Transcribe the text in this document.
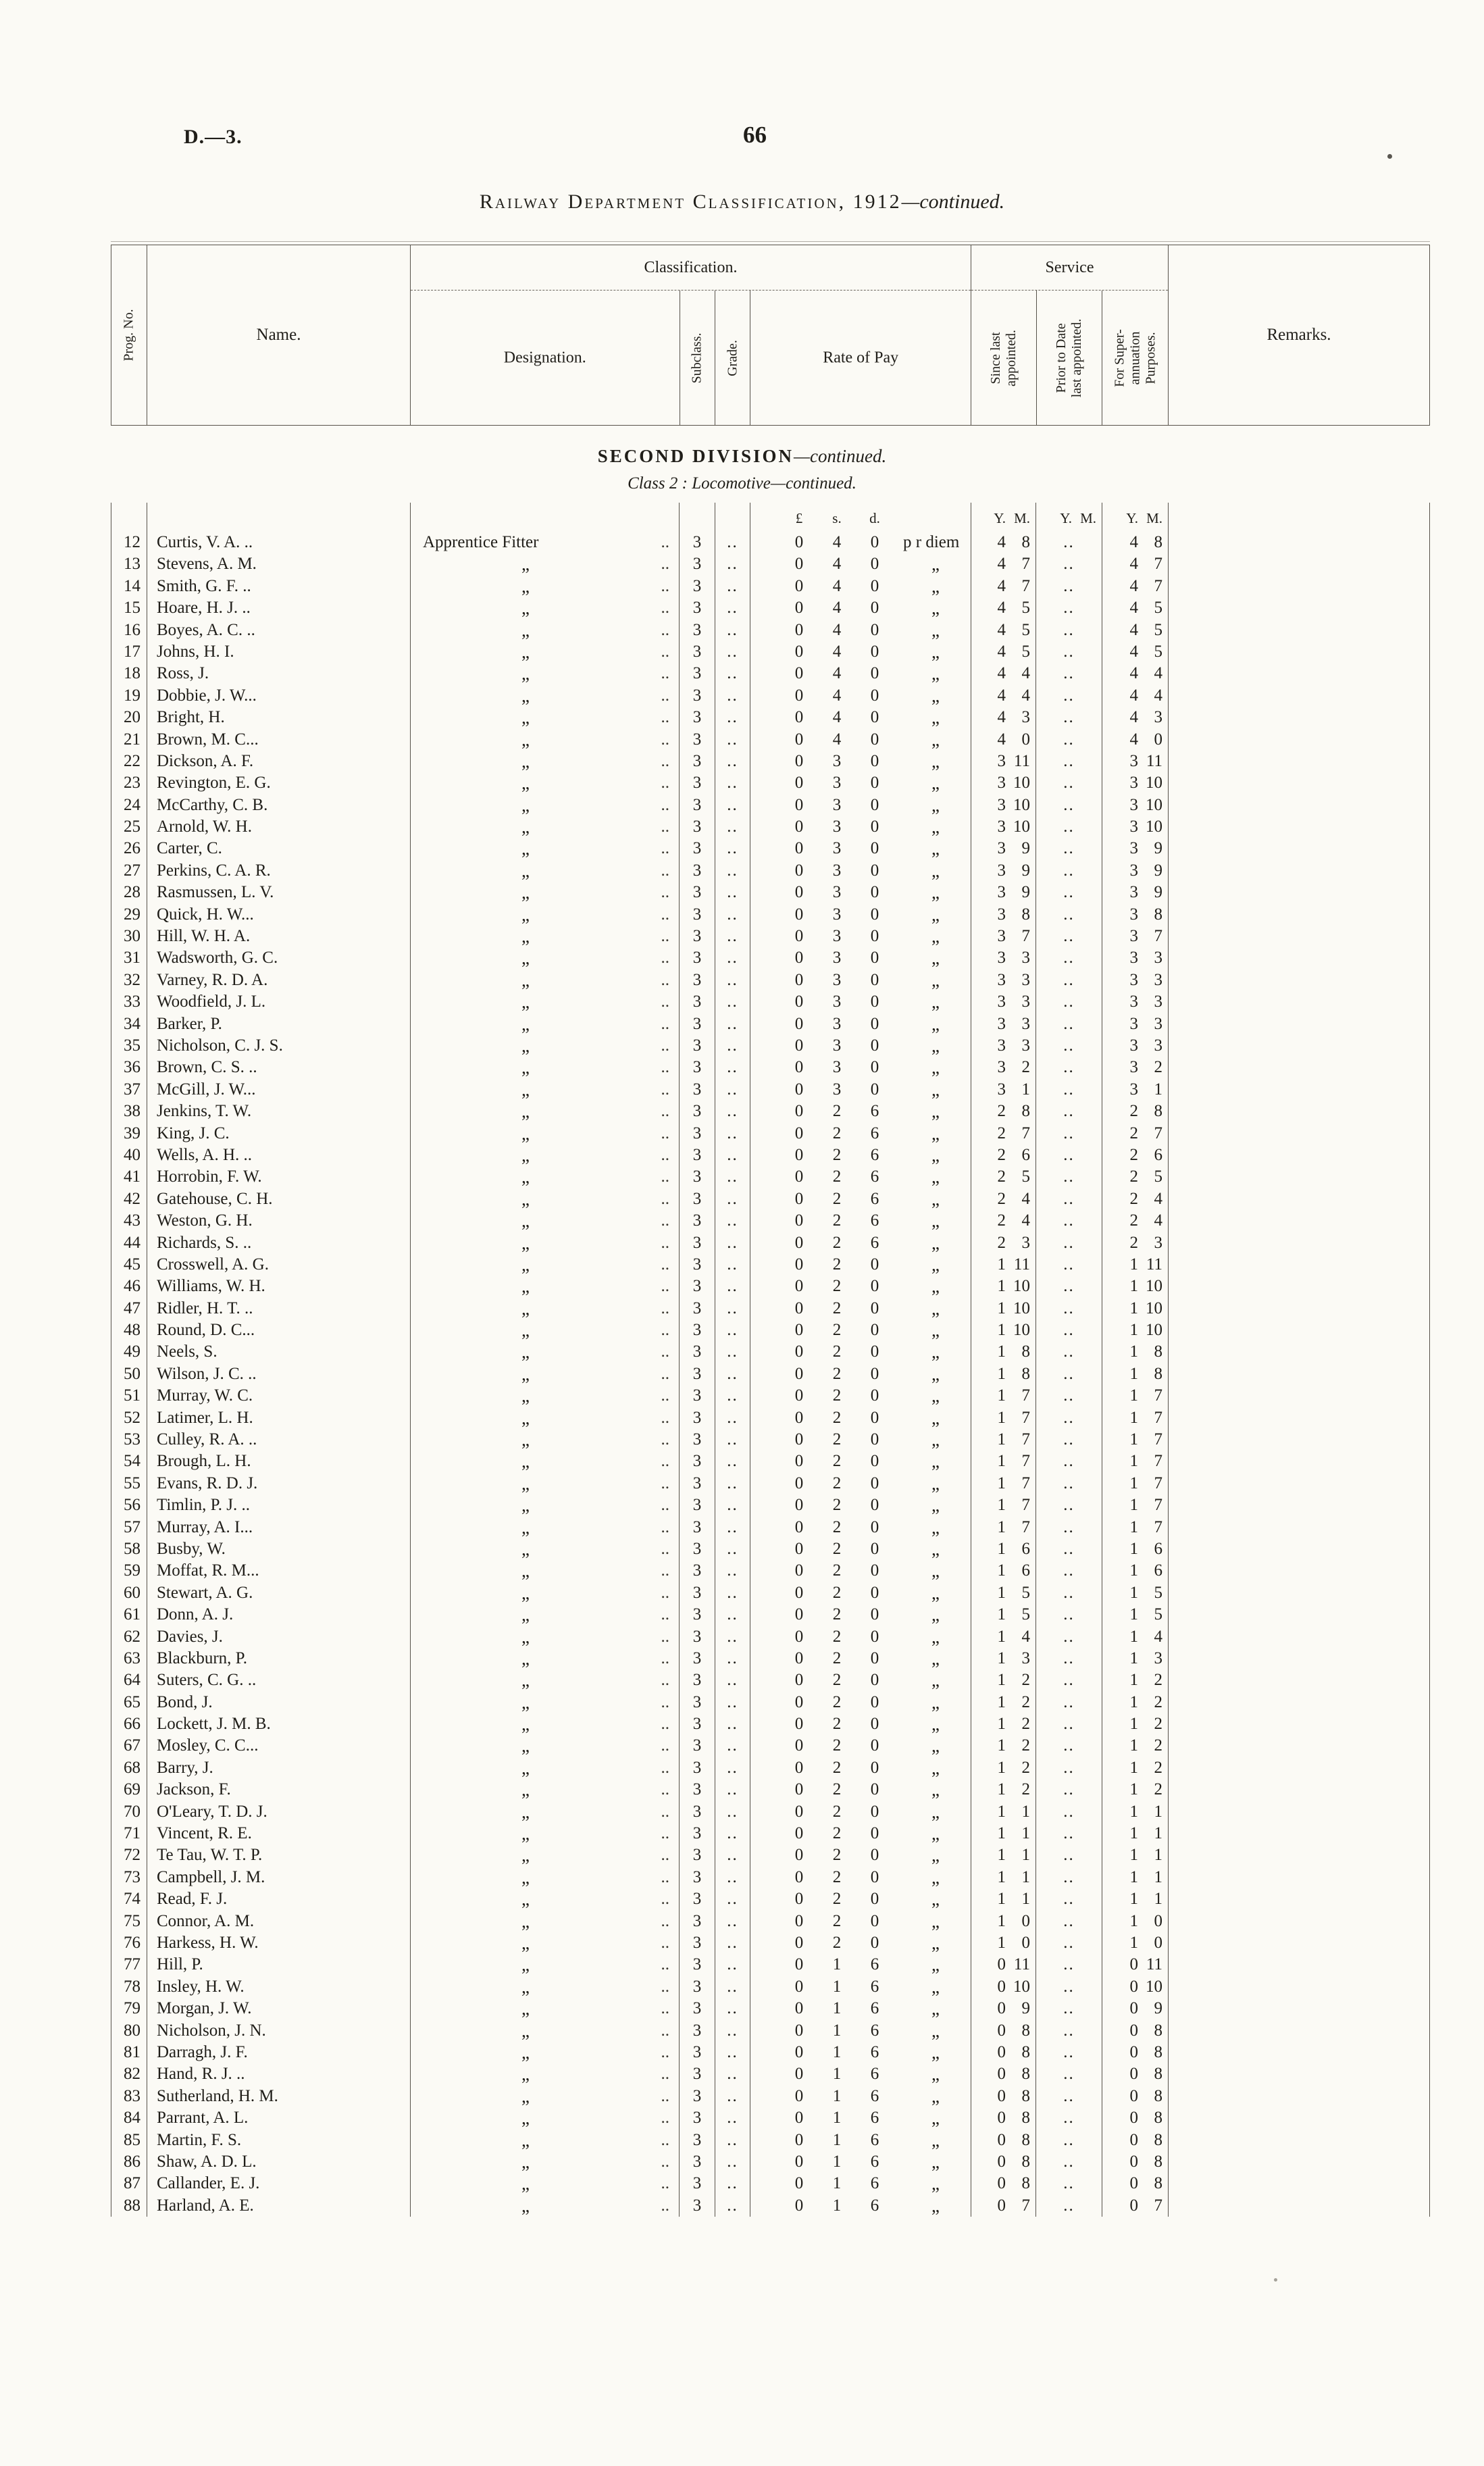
D.—3.	66
Railway Department Classification, 1912—continued.
Prog. No.	Name.
Classification.
Designation.	Subclass. Grade.	Rate of Pay
Service
Since last appointed.	Prior to Date last appointed. For Super- annuation Purposes.	Remarks.
SECOND DIVISION—continued.
Class 2 : Locomotive—continued.
£	s.	d.	Y. M.	Y. M.	Y. M.
12 Curtis, V. A. ..	Apprentice Fitter	..	3	..	0	4	0	p r diem	4 8	..	4 8
13 Stevens, A. M.	„	..	3	..	0	4	0	„	4 7	..	4 7
14 Smith, G. F. ..	„	..	3	..	0	4	0	„	4 7	..	4 7
15 Hoare, H. J. ..	„	..	3	..	0	4	0	„	4 5	..	4 5
16 Boyes, A. C. ..	„	..	3	..	0	4	0	„	4 5	..	4 5
17 Johns, H. I.	„	..	3	..	0	4	0	„	4 5	..	4 5
18 Ross, J.	„	..	3	..	0	4	0	„	4 4	..	4 4
19 Dobbie, J. W...	„	..	3	..	0	4	0	„	4 4	..	4 4
20 Bright, H.	„	..	3	..	0	4	0	„	4 3	..	4 3
21 Brown, M. C...	„	..	3	..	0	4	0	„	4 0	..	4 0
22 Dickson, A. F.	„	..	3	..	0	3	0	„	3 11	..	3 11
23 Revington, E. G.	„	..	3	..	0	3	0	„	3 10	..	3 10
24 McCarthy, C. B.	„	..	3	..	0	3	0	„	3 10	..	3 10
25 Arnold, W. H.	„	..	3	..	0	3	0	„	3 10	..	3 10
26 Carter, C.	„	..	3	..	0	3	0	„	3 9	..	3 9
27 Perkins, C. A. R.	„	..	3	..	0	3	0	„	3 9	..	3 9
28 Rasmussen, L. V.	„	..	3	..	0	3	0	„	3 9	..	3 9
29 Quick, H. W...	„	..	3	..	0	3	0	„	3 8	..	3 8
30 Hill, W. H. A.	„	..	3	..	0	3	0	„	3 7	..	3 7
31 Wadsworth, G. C.	„	..	3	..	0	3	0	„	3 3	..	3 3
32 Varney, R. D. A.	„	..	3	..	0	3	0	„	3 3	..	3 3
33 Woodfield, J. L.	„	..	3	..	0	3	0	„	3 3	..	3 3
34 Barker, P.	„	..	3	..	0	3	0	„	3 3	..	3 3
35 Nicholson, C. J. S.	„	..	3	..	0	3	0	„	3 3	..	3 3
36 Brown, C. S. ..	„	..	3	..	0	3	0	„	3 2	..	3 2
37 McGill, J. W...	„	..	3	..	0	3	0	„	3 1	..	3 1
38 Jenkins, T. W.	„	..	3	..	0	2	6	„	2 8	..	2 8
39 King, J. C.	„	..	3	..	0	2	6	„	2 7	..	2 7
40 Wells, A. H. ..	„	..	3	..	0	2	6	„	2 6	..	2 6
41 Horrobin, F. W.	„	..	3	..	0	2	6	„	2 5	..	2 5
42 Gatehouse, C. H.	„	..	3	..	0	2	6	„	2 4	..	2 4
43 Weston, G. H.	„	..	3	..	0	2	6	„	2 4	..	2 4
44 Richards, S. ..	„	..	3	..	0	2	6	„	2 3	..	2 3
45 Crosswell, A. G.	„	..	3	..	0	2	0	„	1 11	..	1 11
46 Williams, W. H.	„	..	3	..	0	2	0	„	1 10	..	1 10
47 Ridler, H. T. ..	„	..	3	..	0	2	0	„	1 10	..	1 10
48 Round, D. C...	„	..	3	..	0	2	0	„	1 10	..	1 10
49 Neels, S.	„	..	3	..	0	2	0	„	1 8	..	1 8
50 Wilson, J. C. ..	„	..	3	..	0	2	0	„	1 8	..	1 8
51 Murray, W. C.	„	..	3	..	0	2	0	„	1 7	..	1 7
52 Latimer, L. H.	„	..	3	..	0	2	0	„	1 7	..	1 7
53 Culley, R. A. ..	„	..	3	..	0	2	0	„	1 7	..	1 7
54 Brough, L. H.	„	..	3	..	0	2	0	„	1 7	..	1 7
55 Evans, R. D. J.	„	..	3	..	0	2	0	„	1 7	..	1 7
56 Timlin, P. J. ..	„	..	3	..	0	2	0	„	1 7	..	1 7
57 Murray, A. I...	„	..	3	..	0	2	0	„	1 7	..	1 7
58 Busby, W.	„	..	3	..	0	2	0	„	1 6	..	1 6
59 Moffat, R. M...	„	..	3	..	0	2	0	„	1 6	..	1 6
60 Stewart, A. G.	„	..	3	..	0	2	0	„	1 5	..	1 5
61 Donn, A. J.	„	..	3	..	0	2	0	„	1 5	..	1 5
62 Davies, J.	„	..	3	..	0	2	0	„	1 4	..	1 4
63 Blackburn, P.	„	..	3	..	0	2	0	„	1 3	..	1 3
64 Suters, C. G. ..	„	..	3	..	0	2	0	„	1 2	..	1 2
65 Bond, J.	„	..	3	..	0	2	0	„	1 2	..	1 2
66 Lockett, J. M. B.	„	..	3	..	0	2	0	„	1 2	..	1 2
67 Mosley, C. C...	„	..	3	..	0	2	0	„	1 2	..	1 2
68 Barry, J.	„	..	3	..	0	2	0	„	1 2	..	1 2
69 Jackson, F.	„	..	3	..	0	2	0	„	1 2	..	1 2
70 O'Leary, T. D. J.	„	..	3	..	0	2	0	„	1 1	..	1 1
71 Vincent, R. E.	„	..	3	..	0	2	0	„	1 1	..	1 1
72 Te Tau, W. T. P.	„	..	3	..	0	2	0	„	1 1	..	1 1
73 Campbell, J. M.	„	..	3	..	0	2	0	„	1 1	..	1 1
74 Read, F. J.	„	..	3	..	0	2	0	„	1 1	..	1 1
75 Connor, A. M.	„	..	3	..	0	2	0	„	1 0	..	1 0
76 Harkess, H. W.	„	..	3	..	0	2	0	„	1 0	..	1 0
77 Hill, P.	„	..	3	..	0	1	6	„	0 11	..	0 11
78 Insley, H. W.	„	..	3	..	0	1	6	„	0 10	..	0 10
79 Morgan, J. W.	„	..	3	..	0	1	6	„	0 9	..	0 9
80 Nicholson, J. N.	„	..	3	..	0	1	6	„	0 8	..	0 8
81 Darragh, J. F.	„	..	3	..	0	1	6	„	0 8	..	0 8
82 Hand, R. J. ..	„	..	3	..	0	1	6	„	0 8	..	0 8
83 Sutherland, H. M.	„	..	3	..	0	1	6	„	0 8	..	0 8
84 Parrant, A. L.	„	..	3	..	0	1	6	„	0 8	..	0 8
85 Martin, F. S.	„	..	3	..	0	1	6	„	0 8	..	0 8
86 Shaw, A. D. L.	„	..	3	..	0	1	6	„	0 8	..	0 8
87 Callander, E. J.	„	..	3	..	0	1	6	„	0 8	..	0 8
88 Harland, A. E.	„	..	3	..	0	1	6	„	0 7	..	0 7
